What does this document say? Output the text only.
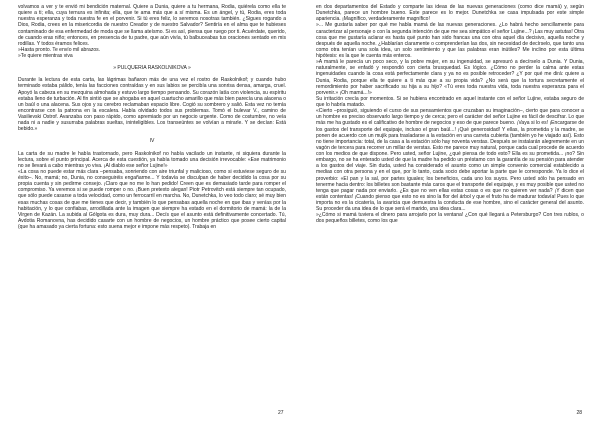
volvamos a ver y te envió mi bendición maternal. Quiere a Dunia, quiere a tu hermana, Rodia, quiérela como ella te quiere a ti; ella, cuya ternura es infinita; ella, que te ama más que a sí misma. Es un ángel, y tú, Rodia, eres toda nuestra esperanza y toda nuestra fe en el porvenir. Si tú eres feliz, lo seremos nosotras también. ¿Sigues rogando a Dios, Rodia, crees en la misericordia de nuestro Creador y de nuestro Salvador? Sentiría en el alma que te hubieses contaminado de esa enfermedad de moda que se llama ateísmo. Si es así, piensa que ruego por ti. Acuérdate, querido, de cuando eras niño; entonces, en presencia de tu padre, que aún vivía, tú balbuceabas tus oraciones sentado en mis rodillas. Y todos éramos felices.

»Hasta pronto. Te envío mil abrazos.

»Te quiere mientras viva

» PULQUERIA RASKOLNIKOVA »

Durante la lectura de esta carta, las lágrimas bañaron más de una vez el rostro de Raskolnikof; y cuando hubo terminado estaba pálido, tenía las facciones contraídas y en sus labios se percibía una sonrisa densa, amarga, cruel. Apoyó la cabeza en su mezquina almohada y estuvo largo tiempo pensando. Su corazón latía con violencia, su espíritu estaba lleno de turbación. Al fin sintió que se ahogaba en aquel cuartucho amarillo que más bien parecía una alacena o un baúl o una alacena. Sus ojos y su cerebro reclamaban espacio libre. Cogió su sombrero y salió. Esta vez no temía encontrarse con la patrona en la escalera. Había olvidado todos sus problemas. Tomó el bulevar V., camino de Vasilievski Ostrof. Avanzaba con paso rápido, como apremiado por un negocio urgente. Como de costumbre, no veía nada ni a nadie y susurraba palabras sueltas, ininteligibles. Los transeúntes se volvían a mirarle. Y se decían: Está bebido.»

IV

La carta de su madre le había trastornado, pero Raskolnikof no había vacilado un instante, ni siquiera durante la lectura, sobre el punto principal. Acerca de esta cuestión, ya había tomado una decisión irrevocable: «Ese matrimonio no se llevará a cabo mientras yo viva. ¡Al diablo ese señor Lujine!»

«La cosa no puede estar más clara –pensaba, sonriendo con aire triunfal y malicioso, como si estuviese seguro de su éxito–. No, mamá; no, Dunia, no conseguiréis engañarme... Y todavía se disculpan de haber decidido la cosa por su propia cuenta y sin pedirme consejo. ¡Claro que no me lo han pedido! Creen que es demasiado tarde para romper el compromiso. Ya veremos si se puede romper o no. ¡Buen pretexto alegan! Piotr Petrovitch está siempre tan ocupado, que sólo puede casarse a toda velocidad, como un ferrocarril en marcha. No, Dunetchka, lo veo todo claro; sé muy bien esas muchas cosas de que me tienes que decir, y también lo que pensabas aquella noche en que ibas y venías por la habitación, y lo que confiabas, arrodillada ante la imagen que siempre ha estado en el dormitorio de mamá: la de la Virgen de Kazán. La subida al Gólgota es dura, muy dura... Decís que el asunto está definitivamente concertado. Tú, Avdotia Romanovna, has decidido casarte con un hombre de negocios, un hombre práctico que posee cierto capital (que ha amasado ya cierta fortuna: esto suena mejor e impone más respeto). Trabaja en

27

en dos departamentos del Estado y comparte las ideas de las nuevas generaciones (como dice mamá) y, según Dunetchka, parece un hombre bueno. Este parece es lo mejor. Dunetchka se casa impulsada por este simple apariencia. ¡Magnífico, verdaderamente magnífico!

»... Me gustaría saber por qué me habla mamá de las nuevas generaciones. ¿Lo habrá hecho sencillamente para caracterizar al personaje o con la segunda intención de que me sea simpático el señor Lujine...? ¡Las muy astutas! Otra cosa que me gustaría aclarar es hasta qué punto han sido francas una con otra aquel día decisivo, aquella noche y después de aquella noche. ¿Hablarían claramente o comprenderían las dos, sin necesidad de decírselo, que tanto una como otra tenían una sola idea, un solo sentimiento y que las palabras eran inútiles? Me inclino por esta última hipótesis: es la que le cuenta más enteros.

»A mamá le parecía un poco seco, y la pobre mujer, en su ingenuidad, se apresuró a decírselo a Dunia. Y Dunia, naturalmente, se enfadó y respondió con cierta brusquedad. Es lógico. ¿Cómo no perder la calma ante estas ingenuidades cuando la cosa está perfectamente clara y ya no es posible retroceder? ¿Y por qué me dirá: quiere a Dunia, Rodia, porque ella te quiere a ti más que a su propia vida? ¿No será que la tortura secretamente el remordimiento por haber sacrificado su hija a su hijo? «Tú eres toda nuestra vida, toda nuestra esperanza para el porvenir.» ¡Oh mamá...!»

Su irritación crecía por momentos. Si se hubiera encontrado en aquel instante con el señor Lujine, estaba seguro de que lo habría matado.

«Cierto –prosiguió, siguiendo el curso de sus pensamientos que cruzaban su imaginación–, cierto que para conocer a un hombre es preciso observarlo largo tiempo y de cerca; pero el carácter del señor Lujine es fácil de descifrar. Lo que más me ha gustado es el calificativo de hombre de negocios y eso de que parece bueno. ¡Vaya si lo es! ¡Encargarse de los gastos del transporte del equipaje, incluso el gran baúl...! ¡Qué generosidad! Y ellas, la prometida y la madre, se ponen de acuerdo con un mujik para trasladarse a la estación en una carreta cubierta (también yo he viajado así). Esto no tiene importancia: total, de la casa a la estación sólo hay noventa verstas. Después se instalarán alegremente en un vagón de tercera para recorrer un millar de verstas. Esto me parece muy natural, porque cada cual procede de acuerdo con los medios de que dispone. Pero usted, señor Lujine, ¿qué piensa de todo esto? Ella es su prometida... ¡no? Sin embargo, no se ha enterado usted de que la madre ha pedido un préstamo con la garantía de su pensión para atender a los gastos del viaje. Sin duda, usted ha considerado el asunto como un simple convenio comercial establecido a medias con otra persona y en el que, por lo tanto, cada socio debe aportar la parte que le corresponde. Ya lo dice el proverbio: «El pan y la sal, por partes iguales; los beneficios, cada uno los suyos. Pero usted sólo ha pensado en tenerme hacia dentro: los billetes son bastante más caros que el transporte del equipaje, y es muy posible que usted no tenga que pagar nada por enviarlo. ¿Es que no ven ellas estas cosas o es que no quieren ver nada? ¡Y dicen que están contentas! ¡Cuando pienso que esto no es sino la flor del árbol y que el fruto ha de madurar todavía! Pues lo que importa no es la cicatería, la avaricia que demuestra la conducta de ese hombre, sino el carácter general del asunto. Su proceder da una idea de lo que será el marido, una idea clara...

»¿Cómo si mamá tuviera el dinero para arrojarlo por la ventana! ¿Con qué llegará a Petersburgo? Con tres rublos, o dos pequeños billetes, como los que

28
